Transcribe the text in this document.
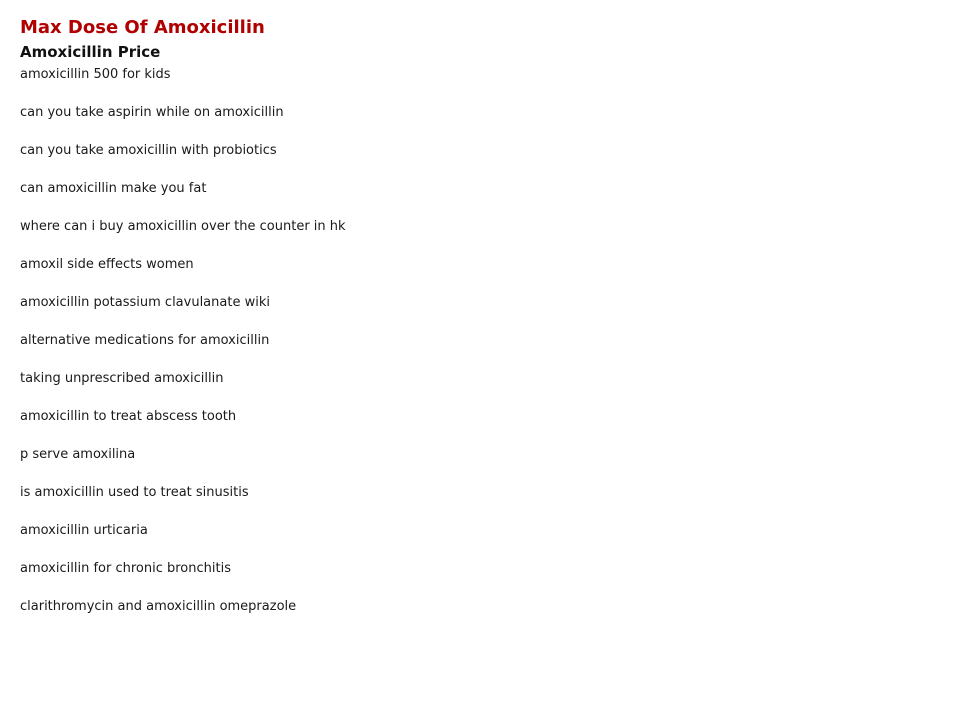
Max Dose Of Amoxicillin
Amoxicillin Price
amoxicillin 500 for kids
can you take aspirin while on amoxicillin
can you take amoxicillin with probiotics
can amoxicillin make you fat
where can i buy amoxicillin over the counter in hk
amoxil side effects women
amoxicillin potassium clavulanate wiki
alternative medications for amoxicillin
taking unprescribed amoxicillin
amoxicillin to treat abscess tooth
p serve amoxilina
is amoxicillin used to treat sinusitis
amoxicillin urticaria
amoxicillin for chronic bronchitis
clarithromycin and amoxicillin omeprazole
